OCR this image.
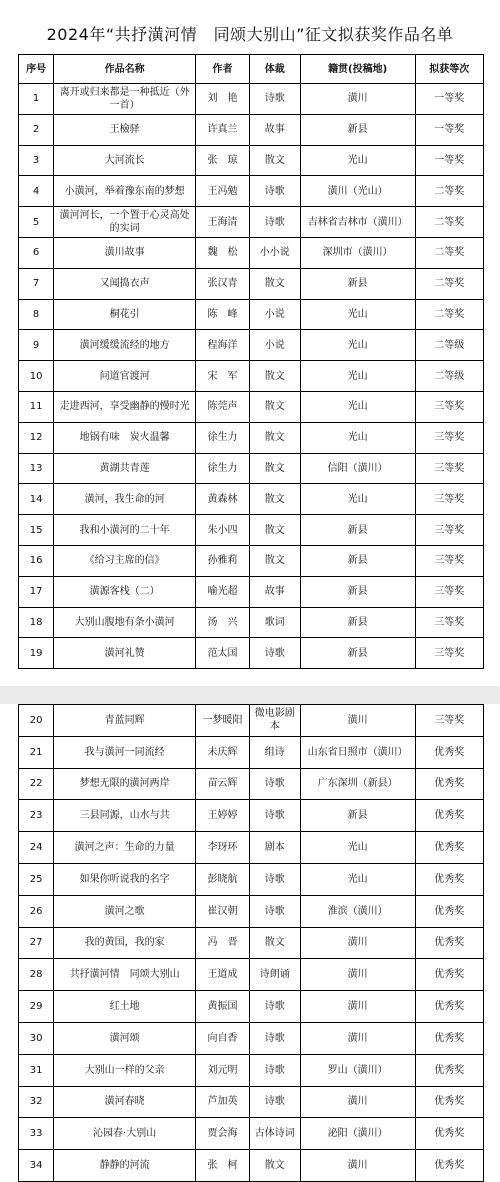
2024年“共抒潢河情　同颂大别山”征文拟获奖作品名单
序号	作品名称	作者	体裁	籍贯(投稿地)	拟获等次
1	离开或归来都是一种抵近（外一首）	刘　艳	诗歌	潢川	一等奖
2	王檢驿	许真兰	故事	新县	一等奖
3	大河流长	张　琼	散文	光山	一等奖
4	小潢河，举着豫东南的梦想	王冯勉	诗歌	潢川（光山）	二等奖
5	潢河河长，一个置于心灵高处的实词	王海清	诗歌	吉林省吉林市（潢川）	二等奖
6	潢川故事	魏　松	小小说	深圳市（潢川）	二等奖
7	又闻捣衣声	张汉青	散文	新县	二等奖
8	桐花引	陈　峰	小说	光山	二等奖
9	潢河缓缓流经的地方	程海洋	小说	光山	二等级
10	问道官渡河	宋　军	散文	光山	二等级
11	走进西河，享受幽静的慢时光	陈莞声	散文	光山	三等奖
12	地锅有味　炭火温馨	徐生力	散文	光山	三等奖
13	黄湖共青莲	徐生力	散文	信阳（潢川）	三等奖
14	潢河，我生命的河	黄森林	散文	光山	三等奖
15	我和小潢河的二十年	朱小四	散文	新县	三等奖
16	《给习主席的信》	孙雅莉	散文	新县	三等奖
17	潢源客栈（二）	喻光超	故事	新县	三等奖
18	大别山腹地有条小潢河	汤　兴	歌词	新县	三等奖
19	潢河礼赞	范太国	诗歌	新县	三等奖
20	青蓝同辉	一梦暖阳	微电影剧本	潢川	三等奖
21	我与潢河一同流经	未庆辉	组诗	山东省日照市（潢川）	优秀奖
22	梦想无限的潢河两岸	苗云辉	诗歌	广东深圳（新县）	优秀奖
23	三县同源，山水与共	王婷婷	诗歌	新县	优秀奖
24	潢河之声：生命的力量	李玡环	剧本	光山	优秀奖
25	如果你听说我的名字	彭晓航	诗歌	光山	优秀奖
26	潢河之歌	崔汉朝	诗歌	淮滨（潢川）	优秀奖
27	我的黄国，我的家	冯　晋	散文	潢川	优秀奖
28	共抒潢河情　同颂大别山	王道成	诗朗诵	潢川	优秀奖
29	红土地	黄振国	诗歌	潢川	优秀奖
30	潢河颂	向自香	诗歌	潢川	优秀奖
31	大别山一样的父亲	刘元明	诗歌	罗山（潢川）	优秀奖
32	潢河春晓	芦加英	诗歌	潢川	优秀奖
33	沁园春·大别山	贾会海	古体诗词	泌阳（潢川）	优秀奖
34	静静的河流	张　柯	散文	潢川	优秀奖
